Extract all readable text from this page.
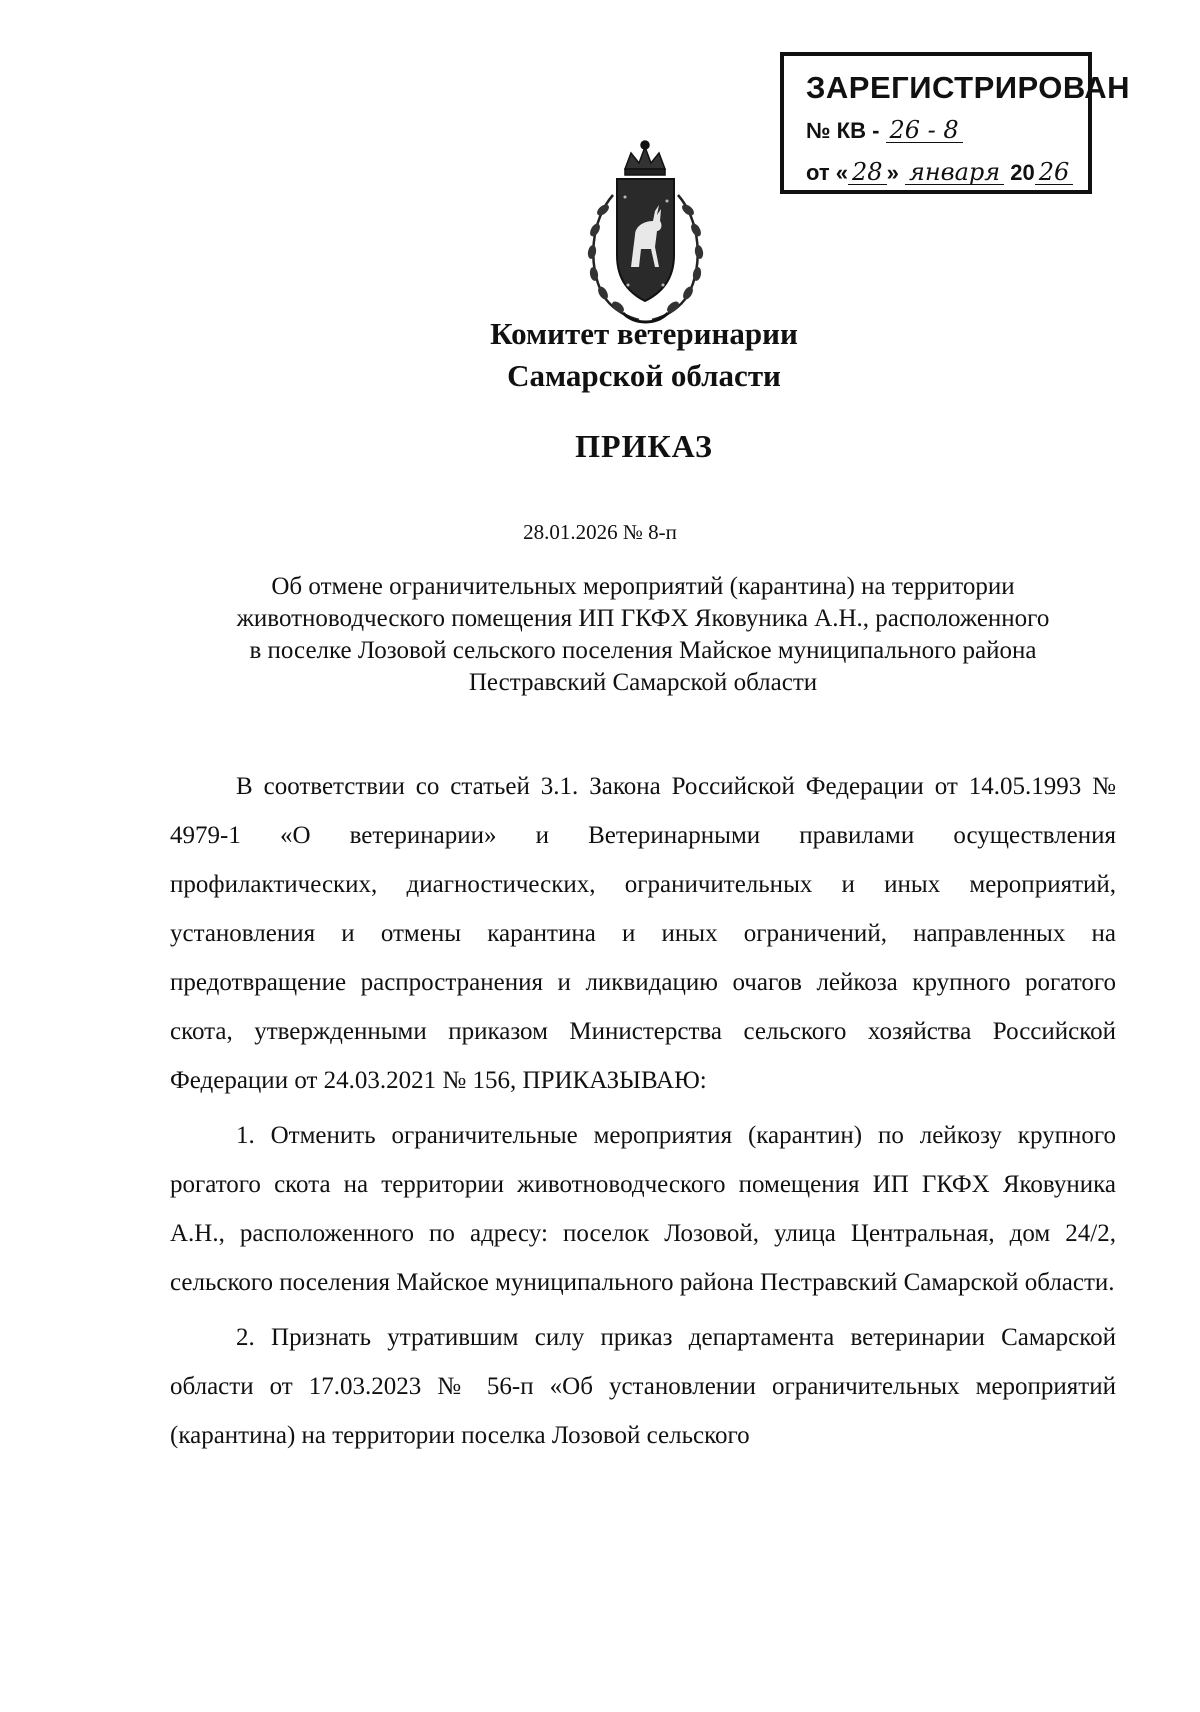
ЗАРЕГИСТРИРОВАН
№ КВ - 26 - 8
от « 28 » января 20 26
Комитет ветеринарии
Самарской области
ПРИКАЗ
28.01.2026 № 8-п
Об отмене ограничительных мероприятий (карантина) на территории
животноводческого помещения ИП ГКФХ Яковуника А.Н., расположенного
в поселке Лозовой сельского поселения Майское муниципального района
Пестравский Самарской области

В соответствии со статьей 3.1. Закона Российской Федерации от 14.05.1993 № 4979-1 «О ветеринарии» и Ветеринарными правилами осуществления профилактических, диагностических, ограничительных и иных мероприятий, установления и отмены карантина и иных ограничений, направленных на предотвращение распространения и ликвидацию очагов лейкоза крупного рогатого скота, утвержденными приказом Министерства сельского хозяйства Российской Федерации от 24.03.2021 № 156, ПРИКАЗЫВАЮ:

1. Отменить ограничительные мероприятия (карантин) по лейкозу крупного рогатого скота на территории животноводческого помещения ИП ГКФХ Яковуника А.Н., расположенного по адресу: поселок Лозовой, улица Центральная, дом 24/2, сельского поселения Майское муниципального района Пестравский Самарской области.

2. Признать утратившим силу приказ департамента ветеринарии Самарской области от 17.03.2023 № 56-п «Об установлении ограничительных мероприятий (карантина) на территории поселка Лозовой сельского
